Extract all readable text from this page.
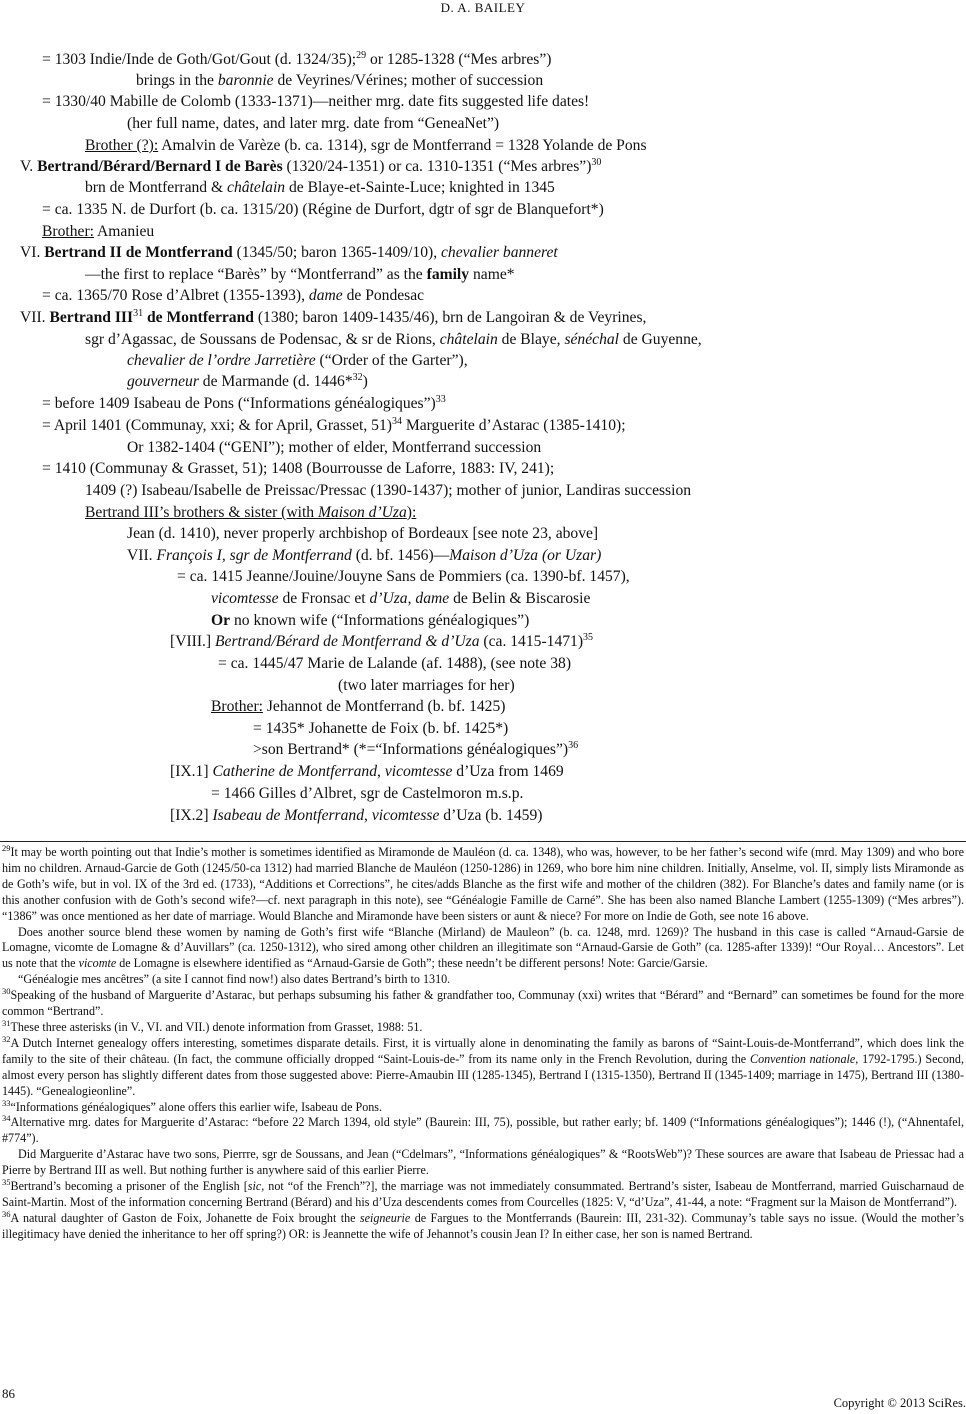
D. A. BAILEY
= 1303 Indie/Inde de Goth/Got/Gout (d. 1324/35);$^{29}$ or 1285-1328 (“Mes arbres”)
brings in the baronnie de Veyrines/Vérines; mother of succession
= 1330/40 Mabille de Colomb (1333-1371)—neither mrg. date fits suggested life dates!
(her full name, dates, and later mrg. date from “GeneaNet”)
Brother (?): Amalvin de Varèze (b. ca. 1314), sgr de Montferrand = 1328 Yolande de Pons
V. Bertrand/Bérard/Bernard I de Barès (1320/24-1351) or ca. 1310-1351 (“Mes arbres”)$^{30}$
brn de Montferrand & châtelain de Blaye-et-Sainte-Luce; knighted in 1345
= ca. 1335 N. de Durfort (b. ca. 1315/20) (Régine de Durfort, dgtr of sgr de Blanquefort*)
Brother: Amanieu
VI. Bertrand II de Montferrand (1345/50; baron 1365-1409/10), chevalier banneret
—the first to replace “Barès” by “Montferrand” as the family name*
= ca. 1365/70 Rose d’Albret (1355-1393), dame de Pondesac
VII. Bertrand III$^{31}$ de Montferrand (1380; baron 1409-1435/46), brn de Langoiran & de Veyrines,
sgr d’Agassac, de Soussans de Podensac, & sr de Rions, châtelain de Blaye, sénéchal de Guyenne,
chevalier de l’ordre Jarretière (“Order of the Garter”),
gouverneur de Marmande (d. 1446*$^{32}$)
= before 1409 Isabeau de Pons (“Informations généalogiques”)$^{33}$
= April 1401 (Communay, xxi; & for April, Grasset, 51)$^{34}$ Marguerite d’Astarac (1385-1410);
Or 1382-1404 (“GENI”); mother of elder, Montferrand succession
= 1410 (Communay & Grasset, 51); 1408 (Bourrousse de Laforre, 1883: IV, 241);
1409 (?) Isabeau/Isabelle de Preissac/Pressac (1390-1437); mother of junior, Landiras succession
Bertrand III’s brothers & sister (with Maison d’Uza):
Jean (d. 1410), never properly archbishop of Bordeaux [see note 23, above]
VII. François I, sgr de Montferrand (d. bf. 1456)—Maison d’Uza (or Uzar)
= ca. 1415 Jeanne/Jouine/Jouyne Sans de Pommiers (ca. 1390-bf. 1457),
vicomtesse de Fronsac et d’Uza, dame de Belin & Biscarosie
Or no known wife (“Informations généalogiques”)
[VIII.] Bertrand/Bérard de Montferrand & d’Uza (ca. 1415-1471)$^{35}$
= ca. 1445/47 Marie de Lalande (af. 1488), (see note 38)
(two later marriages for her)
Brother: Jehannot de Montferrand (b. bf. 1425)
= 1435* Johanette de Foix (b. bf. 1425*)
>son Bertrand* (*=“Informations généalogiques”)$^{36}$
[IX.1] Catherine de Montferrand, vicomtesse d’Uza from 1469
= 1466 Gilles d’Albret, sgr de Castelmoron m.s.p.
[IX.2] Isabeau de Montferrand, vicomtesse d’Uza (b. 1459)

$^{29}$It may be worth pointing out that Indie’s mother is sometimes identified as Miramonde de Mauléon (d. ca. 1348), who was, however, to be her father’s second wife (mrd. May 1309) and who bore him no children. Arnaud-Garcie de Goth (1245/50-ca 1312) had married Blanche de Mauléon (1250-1286) in 1269, who bore him nine children. Initially, Anselme, vol. II, simply lists Miramonde as de Goth’s wife, but in vol. IX of the 3rd ed. (1733), “Additions et Corrections”, he cites/adds Blanche as the first wife and mother of the children (382). For Blanche’s dates and family name (or is this another confusion with de Goth’s second wife?—cf. next paragraph in this note), see “Généalogie Famille de Carné”. She has been also named Blanche Lambert (1255-1309) (“Mes arbres”). “1386” was once mentioned as her date of marriage. Would Blanche and Miramonde have been sisters or aunt & niece? For more on Indie de Goth, see note 16 above.

Does another source blend these women by naming de Goth’s first wife “Blanche (Mirland) de Mauleon” (b. ca. 1248, mrd. 1269)? The husband in this case is called “Arnaud-Garsie de Lomagne, vicomte de Lomagne & d’Auvillars” (ca. 1250-1312), who sired among other children an illegitimate son “Arnaud-Garsie de Goth” (ca. 1285-after 1339)! “Our Royal… Ancestors”. Let us note that the vicomte de Lomagne is elsewhere identified as “Arnaud-Garsie de Goth”; these needn’t be different persons! Note: Garcie/Garsie.

“Généalogie mes ancêtres” (a site I cannot find now!) also dates Bertrand’s birth to 1310.

$^{30}$Speaking of the husband of Marguerite d’Astarac, but perhaps subsuming his father & grandfather too, Communay (xxi) writes that “Bérard” and “Bernard” can sometimes be found for the more common “Bertrand”.

$^{31}$These three asterisks (in V., VI. and VII.) denote information from Grasset, 1988: 51.

$^{32}$A Dutch Internet genealogy offers interesting, sometimes disparate details. First, it is virtually alone in denominating the family as barons of “Saint-Louis-de-Montferrand”, which does link the family to the site of their château. (In fact, the commune officially dropped “Saint-Louis-de-” from its name only in the French Revolution, during the Convention nationale, 1792-1795.) Second, almost every person has slightly different dates from those suggested above: Pierre-Amaubin III (1285-1345), Bertrand I (1315-1350), Bertrand II (1345-1409; marriage in 1475), Bertrand III (1380-1445). “Genealogieonline”.

$^{33}$“Informations généalogiques” alone offers this earlier wife, Isabeau de Pons.

$^{34}$Alternative mrg. dates for Marguerite d’Astarac: “before 22 March 1394, old style” (Baurein: III, 75), possible, but rather early; bf. 1409 (“Informations généalogiques”); 1446 (!), (“Ahnentafel, #774”).

Did Marguerite d’Astarac have two sons, Pierrre, sgr de Soussans, and Jean (“Cdelmars”, “Informations généalogiques” & “RootsWeb”)? These sources are aware that Isabeau de Priessac had a Pierre by Bertrand III as well. But nothing further is anywhere said of this earlier Pierre.

$^{35}$Bertrand’s becoming a prisoner of the English [sic, not “of the French”?], the marriage was not immediately consummated. Bertrand’s sister, Isabeau de Montferrand, married Guischarnaud de Saint-Martin. Most of the information concerning Bertrand (Bérard) and his d’Uza descendents comes from Courcelles (1825: V, “d’Uza”, 41-44, a note: “Fragment sur la Maison de Montferrand”).

$^{36}$A natural daughter of Gaston de Foix, Johanette de Foix brought the seigneurie de Fargues to the Montferrands (Baurein: III, 231-32). Communay’s table says no issue. (Would the mother’s illegitimacy have denied the inheritance to her off spring?) OR: is Jeannette the wife of Jehannot’s cousin Jean I? In either case, her son is named Bertrand.

86
Copyright © 2013 SciRes.
